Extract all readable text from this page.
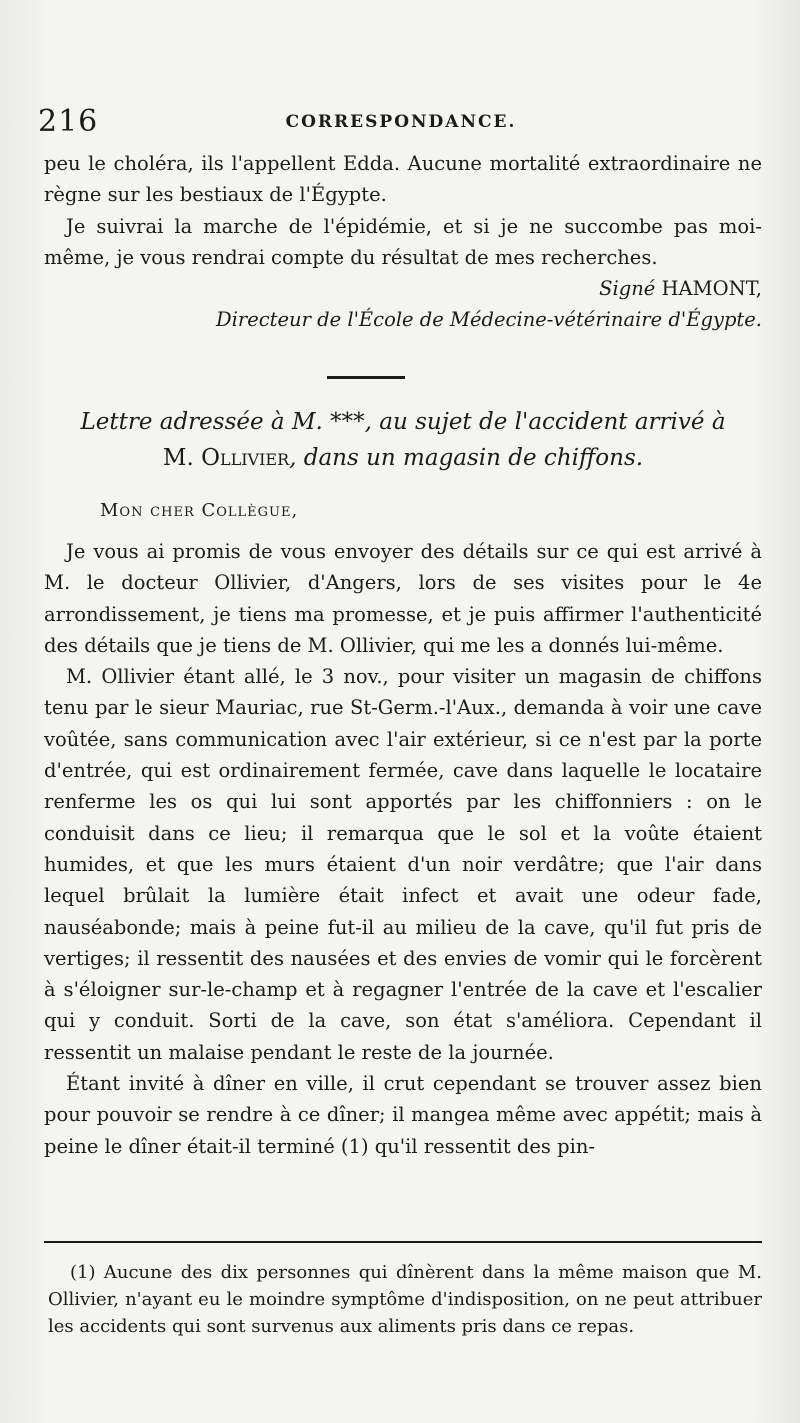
216	CORRESPONDANCE.

peu le choléra, ils l'appellent Edda. Aucune mortalité extraordinaire ne règne sur les bestiaux de l'Égypte.

Je suivrai la marche de l'épidémie, et si je ne succombe pas moi-même, je vous rendrai compte du résultat de mes recherches.

Signé HAMONT,

Directeur de l'École de Médecine-vétérinaire d'Égypte.

Lettre adressée à M. ***, au sujet de l'accident arrivé à
M. Ollivier, dans un magasin de chiffons.
Mon cher Collègue,

Je vous ai promis de vous envoyer des détails sur ce qui est arrivé à M. le docteur Ollivier, d'Angers, lors de ses visites pour le 4e arrondissement, je tiens ma promesse, et je puis affirmer l'authenticité des détails que je tiens de M. Ollivier, qui me les a donnés lui-même.

M. Ollivier étant allé, le 3 nov., pour visiter un magasin de chiffons tenu par le sieur Mauriac, rue St-Germ.-l'Aux., demanda à voir une cave voûtée, sans communication avec l'air extérieur, si ce n'est par la porte d'entrée, qui est ordinairement fermée, cave dans laquelle le locataire renferme les os qui lui sont apportés par les chiffonniers : on le conduisit dans ce lieu; il remarqua que le sol et la voûte étaient humides, et que les murs étaient d'un noir verdâtre; que l'air dans lequel brûlait la lumière était infect et avait une odeur fade, nauséabonde; mais à peine fut-il au milieu de la cave, qu'il fut pris de vertiges; il ressentit des nausées et des envies de vomir qui le forcèrent à s'éloigner sur-le-champ et à regagner l'entrée de la cave et l'escalier qui y conduit. Sorti de la cave, son état s'améliora. Cependant il ressentit un malaise pendant le reste de la journée.

Étant invité à dîner en ville, il crut cependant se trouver assez bien pour pouvoir se rendre à ce dîner; il mangea même avec appétit; mais à peine le dîner était-il terminé (1) qu'il ressentit des pin-

(1) Aucune des dix personnes qui dînèrent dans la même maison que M. Ollivier, n'ayant eu le moindre symptôme d'indisposition, on ne peut attribuer les accidents qui sont survenus aux aliments pris dans ce repas.
